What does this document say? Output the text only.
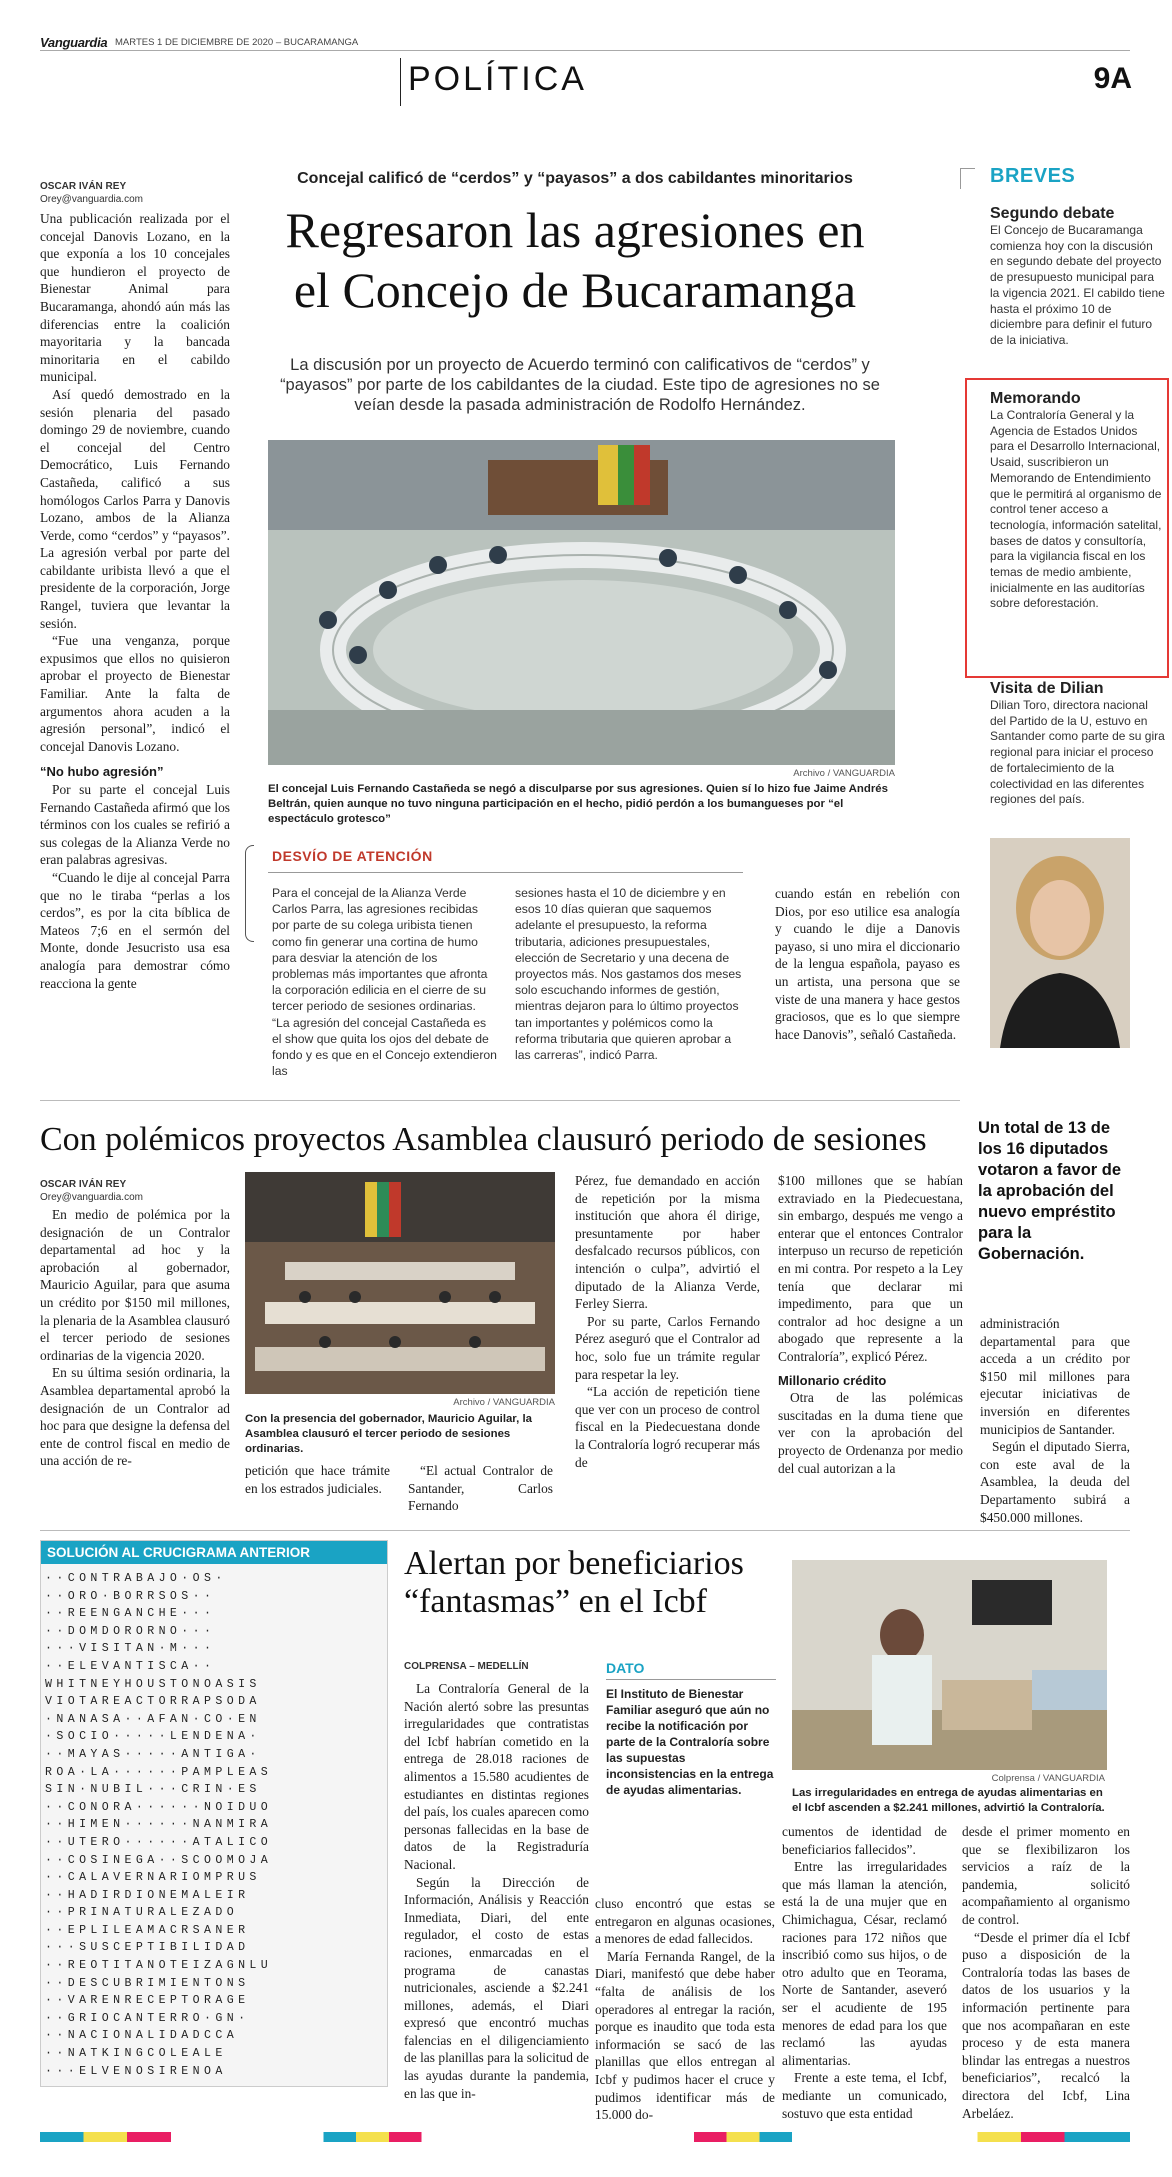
Vanguardia MARTES 1 DE DICIEMBRE DE 2020 – BUCARAMANGA
POLÍTICA	9A
OSCAR IVÁN REY
Orey@vanguardia.com

Una publicación realizada por el concejal Danovis Lozano, en la que exponía a los 10 concejales que hundieron el proyecto de Bienestar Animal para Bucaramanga, ahondó aún más las diferencias entre la coalición mayoritaria y la bancada minoritaria en el cabildo municipal.

Así quedó demostrado en la sesión plenaria del pasado domingo 29 de noviembre, cuando el concejal del Centro Democrático, Luis Fernando Castañeda, calificó a sus homólogos Carlos Parra y Danovis Lozano, ambos de la Alianza Verde, como “cerdos” y “payasos”. La agresión verbal por parte del cabildante uribista llevó a que el presidente de la corporación, Jorge Rangel, tuviera que levantar la sesión.

“Fue una venganza, porque expusimos que ellos no quisieron aprobar el proyecto de Bienestar Familiar. Ante la falta de argumentos ahora acuden a la agresión personal”, indicó el concejal Danovis Lozano.

“No hubo agresión”

Por su parte el concejal Luis Fernando Castañeda afirmó que los términos con los cuales se refirió a sus colegas de la Alianza Verde no eran palabras agresivas.

“Cuando le dije al concejal Parra que no le tiraba “perlas a los cerdos”, es por la cita bíblica de Mateos 7;6 en el sermón del Monte, donde Jesucristo usa esa analogía para demostrar cómo reacciona la gente

Concejal calificó de “cerdos” y “payasos” a dos cabildantes minoritarios
Regresaron las agresiones en
el Concejo de Bucaramanga
La discusión por un proyecto de Acuerdo terminó con calificativos de “cerdos” y “payasos” por parte de los cabildantes de la ciudad. Este tipo de agresiones no se veían desde la pasada administración de Rodolfo Hernández.
Archivo / VANGUARDIA
El concejal Luis Fernando Castañeda se negó a disculparse por sus agresiones. Quien sí lo hizo fue Jaime Andrés Beltrán, quien aunque no tuvo ninguna participación en el hecho, pidió perdón a los bumangueses por “el espectáculo grotesco”
DESVÍO DE ATENCIÓN

Para el concejal de la Alianza Verde Carlos Parra, las agresiones recibidas por parte de su colega uribista tienen como fin generar una cortina de humo para desviar la atención de los problemas más importantes que afronta la corporación edilicia en el cierre de su tercer periodo de sesiones ordinarias.

“La agresión del concejal Castañeda es el show que quita los ojos del debate de fondo y es que en el Concejo extendieron las

sesiones hasta el 10 de diciembre y en esos 10 días quieran que saquemos adelante el presupuesto, la reforma tributaria, adiciones presupuestales, elección de Secretario y una decena de proyectos más. Nos gastamos dos meses solo escuchando informes de gestión, mientras dejaron para lo último proyectos tan importantes y polémicos como la reforma tributaria que quieren aprobar a las carreras”, indicó Parra.

cuando están en rebelión con Dios, por eso utilice esa analogía y cuando le dije a Danovis payaso, si uno mira el diccionario de la lengua española, payaso es un artista, una persona que se viste de una manera y hace gestos graciosos, que es lo que siempre hace Danovis”, señaló Castañeda.

BREVES
Segundo debate
El Concejo de Bucaramanga comienza hoy con la discusión en segundo debate del proyecto de presupuesto municipal para la vigencia 2021. El cabildo tiene hasta el próximo 10 de diciembre para definir el futuro de la iniciativa.
Memorando
La Contraloría General y la Agencia de Estados Unidos para el Desarrollo Internacional, Usaid, suscribieron un Memorando de Entendimiento que le permitirá al organismo de control tener acceso a tecnología, información satelital, bases de datos y consultoría, para la vigilancia fiscal en los temas de medio ambiente, inicialmente en las auditorías sobre deforestación.
Visita de Dilian
Dilian Toro, directora nacional del Partido de la U, estuvo en Santander como parte de su gira regional para iniciar el proceso de fortalecimiento de la colectividad en las diferentes regiones del país.
Con polémicos proyectos Asamblea clausuró periodo de sesiones	Un total de 13 de los 16 diputados votaron a favor de la aprobación del nuevo empréstito para la Gobernación.
OSCAR IVÁN REY
Orey@vanguardia.com

En medio de polémica por la designación de un Contralor departamental ad hoc y la aprobación al gobernador, Mauricio Aguilar, para que asuma un crédito por $150 mil millones, la plenaria de la Asamblea clausuró el tercer periodo de sesiones ordinarias de la vigencia 2020.

En su última sesión ordinaria, la Asamblea departamental aprobó la designación de un Contralor ad hoc para que designe la defensa del ente de control fiscal en medio de una acción de re-

Archivo / VANGUARDIA
Con la presencia del gobernador, Mauricio Aguilar, la Asamblea clausuró el tercer periodo de sesiones ordinarias.

petición que hace trámite en los estrados judiciales.

“El actual Contralor de Santander, Carlos Fernando

Pérez, fue demandado en acción de repetición por la misma institución que ahora él dirige, presuntamente por haber desfalcado recursos públicos, con intención o culpa”, advirtió el diputado de la Alianza Verde, Ferley Sierra.

Por su parte, Carlos Fernando Pérez aseguró que el Contralor ad hoc, solo fue un trámite regular para respetar la ley.

“La acción de repetición tiene que ver con un proceso de control fiscal en la Piedecuestana donde la Contraloría logró recuperar más de

$100 millones que se habían extraviado en la Piedecuestana, sin embargo, después me vengo a enterar que el entonces Contralor interpuso un recurso de repetición en mi contra. Por respeto a la Ley tenía que declarar mi impedimento, para que un contralor ad hoc designe a un abogado que represente a la Contraloría”, explicó Pérez.

Millonario crédito

Otra de las polémicas suscitadas en la duma tiene que ver con la aprobación del proyecto de Ordenanza por medio del cual autorizan a la

administración departamental para que acceda a un crédito por $150 mil millones para ejecutar iniciativas de inversión en diferentes municipios de Santander.

Según el diputado Sierra, con este aval de la Asamblea, la deuda del Departamento subirá a $450.000 millones.

SOLUCIÓN AL CRUCIGRAMA ANTERIOR
··CONTRABAJO·OS·
··ORO·BORRSOS··
··REENGANCHE···
··DOMDORORNO···
···VISITAN·M···
··ELEVANTISCA··
WHITNEYHOUSTONOASIS
VIOTAREACTORRAPSODA
·NANASA··AFAN·CO·EN
·SOCIO·····LENDENA·
··MAYAS·····ANTIGA·
ROA·LA······PAMPLEAS
SIN·NUBIL···CRIN·ES
··CONORA······NOIDUO
··HIMEN······NANMIRA
··UTERO······ATALICO
··COSINEGA··SCOOMOJA
··CALAVERNARIOMPRUS
··HADIRDIONEMALEIR
··PRINATURALEZADO
··EPLILEAMACRSANER
···SUSCEPTIBILIDAD
··REOTITANOTEIZAGNLU
··DESCUBRIMIENTONS
··VARENRECEPTORAGE
··GRIOCANTERRO·GN·
··NACIONALIDADCCA
··NATKINGCOLEALE
···ELVENOSIRENOA
Alertan por beneficiarios
“fantasmas” en el Icbf
Colprensa / VANGUARDIA
Las irregularidades en entrega de ayudas alimentarias en el Icbf ascenden a $2.241 millones, advirtió la Contraloría.
COLPRENSA – MEDELLÍN

La Contraloría General de la Nación alertó sobre las presuntas irregularidades que contratistas del Icbf habrían cometido en la entrega de 28.018 raciones de alimentos a 15.580 acudientes de estudiantes en distintas regiones del país, los cuales aparecen como personas fallecidas en la base de datos de la Registraduría Nacional.

Según la Dirección de Información, Análisis y Reacción Inmediata, Diari, del ente regulador, el costo de estas raciones, enmarcadas en el programa de canastas nutricionales, asciende a $2.241 millones, además, el Diari expresó que encontró muchas falencias en el diligenciamiento de las planillas para la solicitud de las ayudas durante la pandemia, en las que in-

DATO
El Instituto de Bienestar Familiar aseguró que aún no recibe la notificación por parte de la Contraloría sobre las supuestas inconsistencias en la entrega de ayudas alimentarias.

cluso encontró que estas se entregaron en algunas ocasiones, a menores de edad fallecidos.

María Fernanda Rangel, de la Diari, manifestó que debe haber “falta de análisis de los operadores al entregar la ración, porque es inaudito que toda esta información se sacó de las planillas que ellos entregan al Icbf y pudimos hacer el cruce y pudimos identificar más de 15.000 do-

cumentos de identidad de beneficiarios fallecidos”.

Entre las irregularidades que más llaman la atención, está la de una mujer que en Chimichagua, César, reclamó raciones para 172 niños que inscribió como sus hijos, o de otro adulto que en Teorama, Norte de Santander, aseveró ser el acudiente de 195 menores de edad para los que reclamó las ayudas alimentarias.

Frente a este tema, el Icbf, mediante un comunicado, sostuvo que esta entidad

desde el primer momento en que se flexibilizaron los servicios a raíz de la pandemia, solicitó acompañamiento al organismo de control.

“Desde el primer día el Icbf puso a disposición de la Contraloría todas las bases de datos de los usuarios y la información pertinente para que nos acompañaran en este proceso y de esta manera blindar las entregas a nuestros beneficiarios”, recalcó la directora del Icbf, Lina Arbeláez.
